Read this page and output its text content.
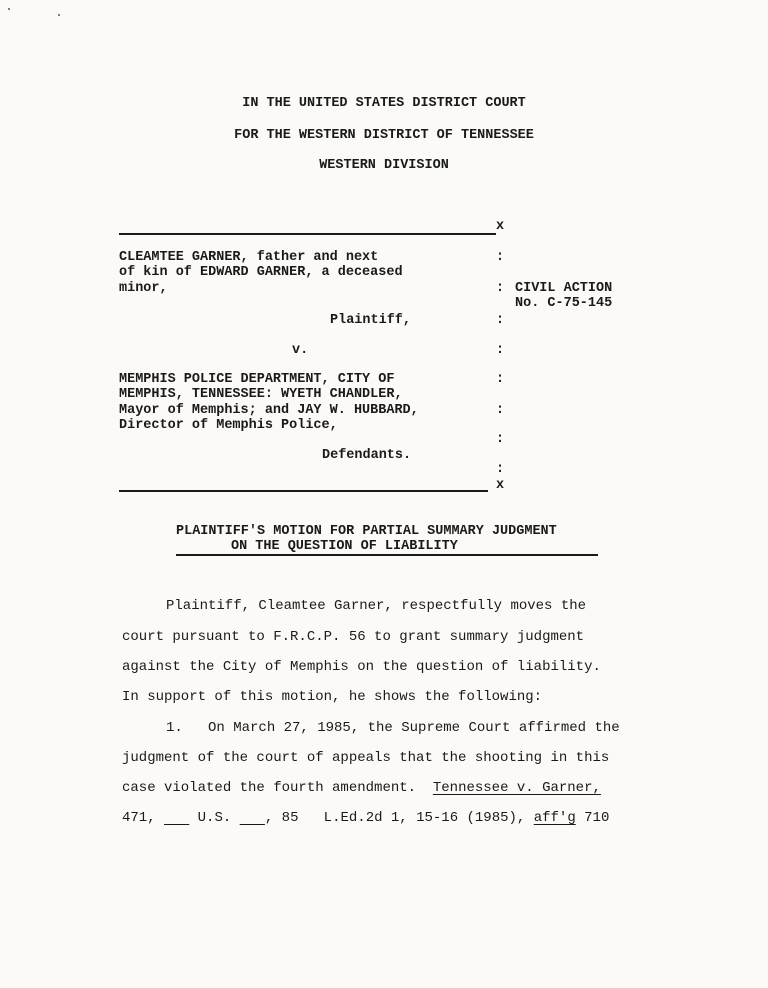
IN THE UNITED STATES DISTRICT COURT
FOR THE WESTERN DISTRICT OF TENNESSEE
WESTERN DIVISION
x
CLEAMTEE GARNER, father and next
of kin of EDWARD GARNER, a deceased
minor,
Plaintiff,
v.
MEMPHIS POLICE DEPARTMENT, CITY OF
MEMPHIS, TENNESSEE: WYETH CHANDLER,
Mayor of Memphis; and JAY W. HUBBARD,
Director of Memphis Police,
Defendants.
:
:
:
:
:
:
:
:
CIVIL ACTION
No. C-75-145
x
PLAINTIFF'S MOTION FOR PARTIAL SUMMARY JUDGMENT
ON THE QUESTION OF LIABILITY
Plaintiff, Cleamtee Garner, respectfully moves the
court pursuant to F.R.C.P. 56 to grant summary judgment
against the City of Memphis on the question of liability.
In support of this motion, he shows the following:
1.   On March 27, 1985, the Supreme Court affirmed the
judgment of the court of appeals that the shooting in this
case violated the fourth amendment.  Tennessee v. Garner,
471,     U.S.    , 85   L.Ed.2d 1, 15-16 (1985), aff'g 710
